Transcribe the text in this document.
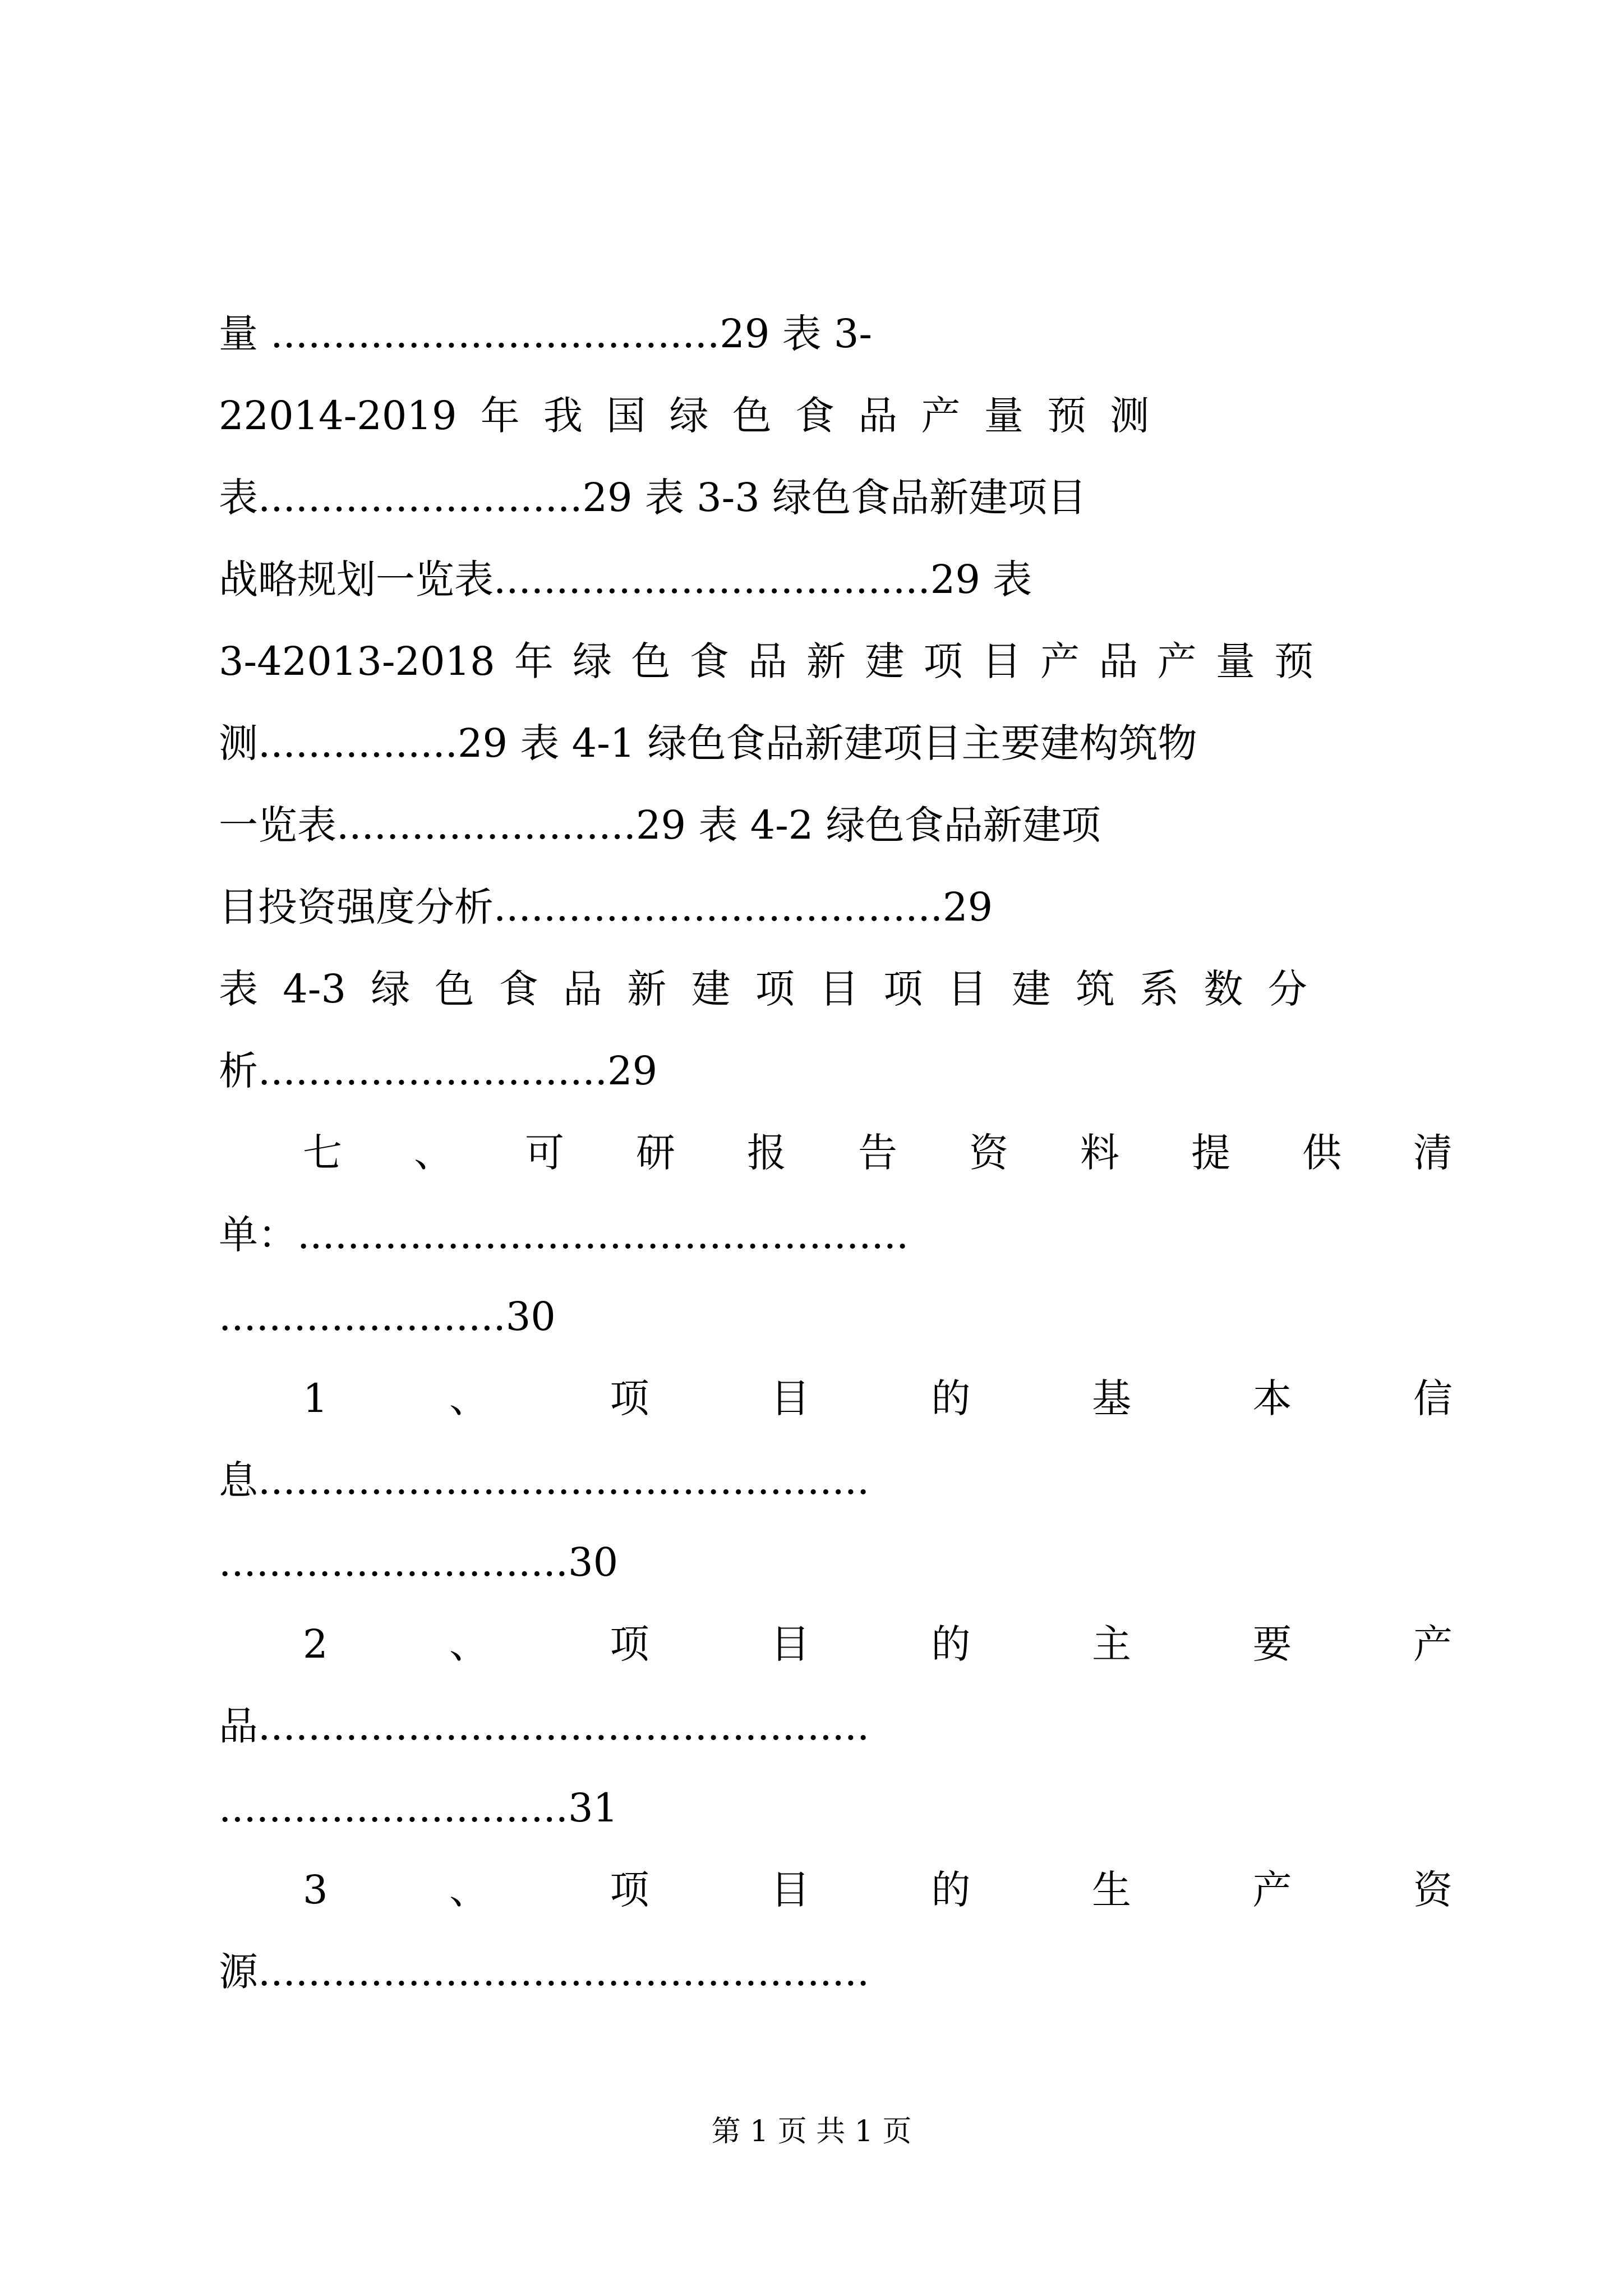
量 ....................................29 表 3-
22014-2019 年 我 国 绿 色 食 品 产 量 预 测
表..........................29 表 3-3 绿色食品新建项目
战略规划一览表...................................29 表
3-42013-2018 年 绿 色 食 品 新 建 项 目 产 品 产 量 预
测................29 表 4-1 绿色食品新建项目主要建构筑物
一览表........................29 表 4-2 绿色食品新建项
目投资强度分析....................................29
表 4-3 绿 色 食 品 新 建 项 目 项 目 建 筑 系 数 分
析............................29
七 、 可 研 报 告 资 料 提 供 清
单：.................................................
.......................30
1	、	项	目	的	基	本	信
息.................................................
............................30
2	、	项	目	的	主	要	产
品.................................................
............................31
3	、	项	目	的	生	产	资
源.................................................
第 1 页 共 1 页
